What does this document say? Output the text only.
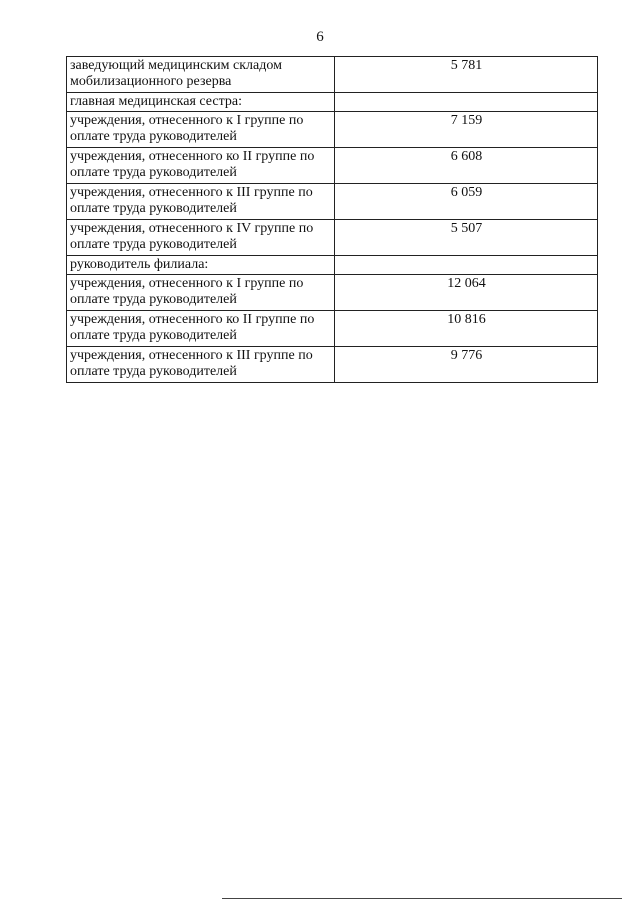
6
заведующий медицинским складом мобилизационного резерва	5 781
главная медицинская сестра:	
учреждения, отнесенного к I группе по оплате труда руководителей	7 159
учреждения, отнесенного ко II группе по оплате труда руководителей	6 608
учреждения, отнесенного к III группе по оплате труда руководителей	6 059
учреждения, отнесенного к IV группе по оплате труда руководителей	5 507
руководитель филиала:	
учреждения, отнесенного к I группе по оплате труда руководителей	12 064
учреждения, отнесенного ко II группе по оплате труда руководителей	10 816
учреждения, отнесенного к III группе по оплате труда руководителей	9 776
